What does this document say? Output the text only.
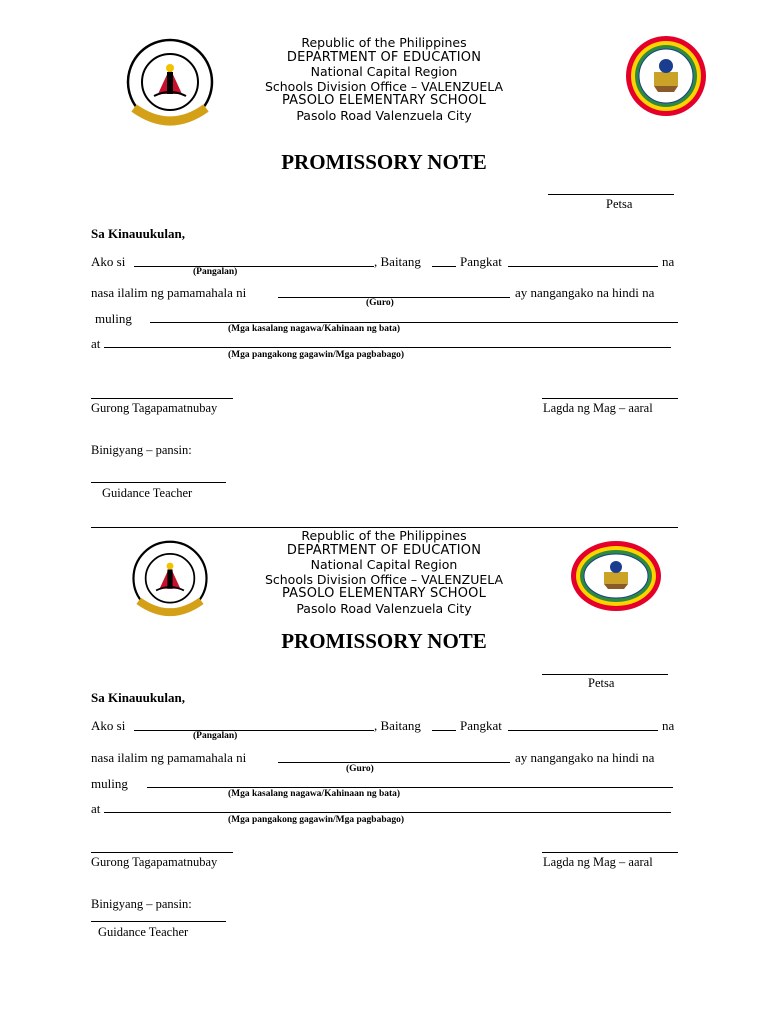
Republic of the Philippines
DEPARTMENT OF EDUCATION
National Capital Region
Schools Division Office – VALENZUELA
PASOLO ELEMENTARY SCHOOL
Pasolo Road Valenzuela City
PROMISSORY NOTE
Petsa
Sa Kinauukulan,
Ako si	, Baitang	Pangkat	na
(Pangalan)
nasa ilalim ng pamamahala ni	ay nangangako na hindi na
(Guro)
muling
(Mga kasalang nagawa/Kahinaan ng bata)
at
(Mga pangakong gagawin/Mga pagbabago)
Gurong Tagapamatnubay	Lagda ng Mag – aaral
Binigyang – pansin:
Guidance Teacher
Republic of the Philippines
DEPARTMENT OF EDUCATION
National Capital Region
Schools Division Office – VALENZUELA
PASOLO ELEMENTARY SCHOOL
Pasolo Road Valenzuela City
PROMISSORY NOTE
Petsa
Sa Kinauukulan,
Ako si	, Baitang	Pangkat	na
(Pangalan)
nasa ilalim ng pamamahala ni	ay nangangako na hindi na
(Guro)
muling
(Mga kasalang nagawa/Kahinaan ng bata)
at
(Mga pangakong gagawin/Mga pagbabago)
Gurong Tagapamatnubay	Lagda ng Mag – aaral
Binigyang – pansin:
Guidance Teacher
